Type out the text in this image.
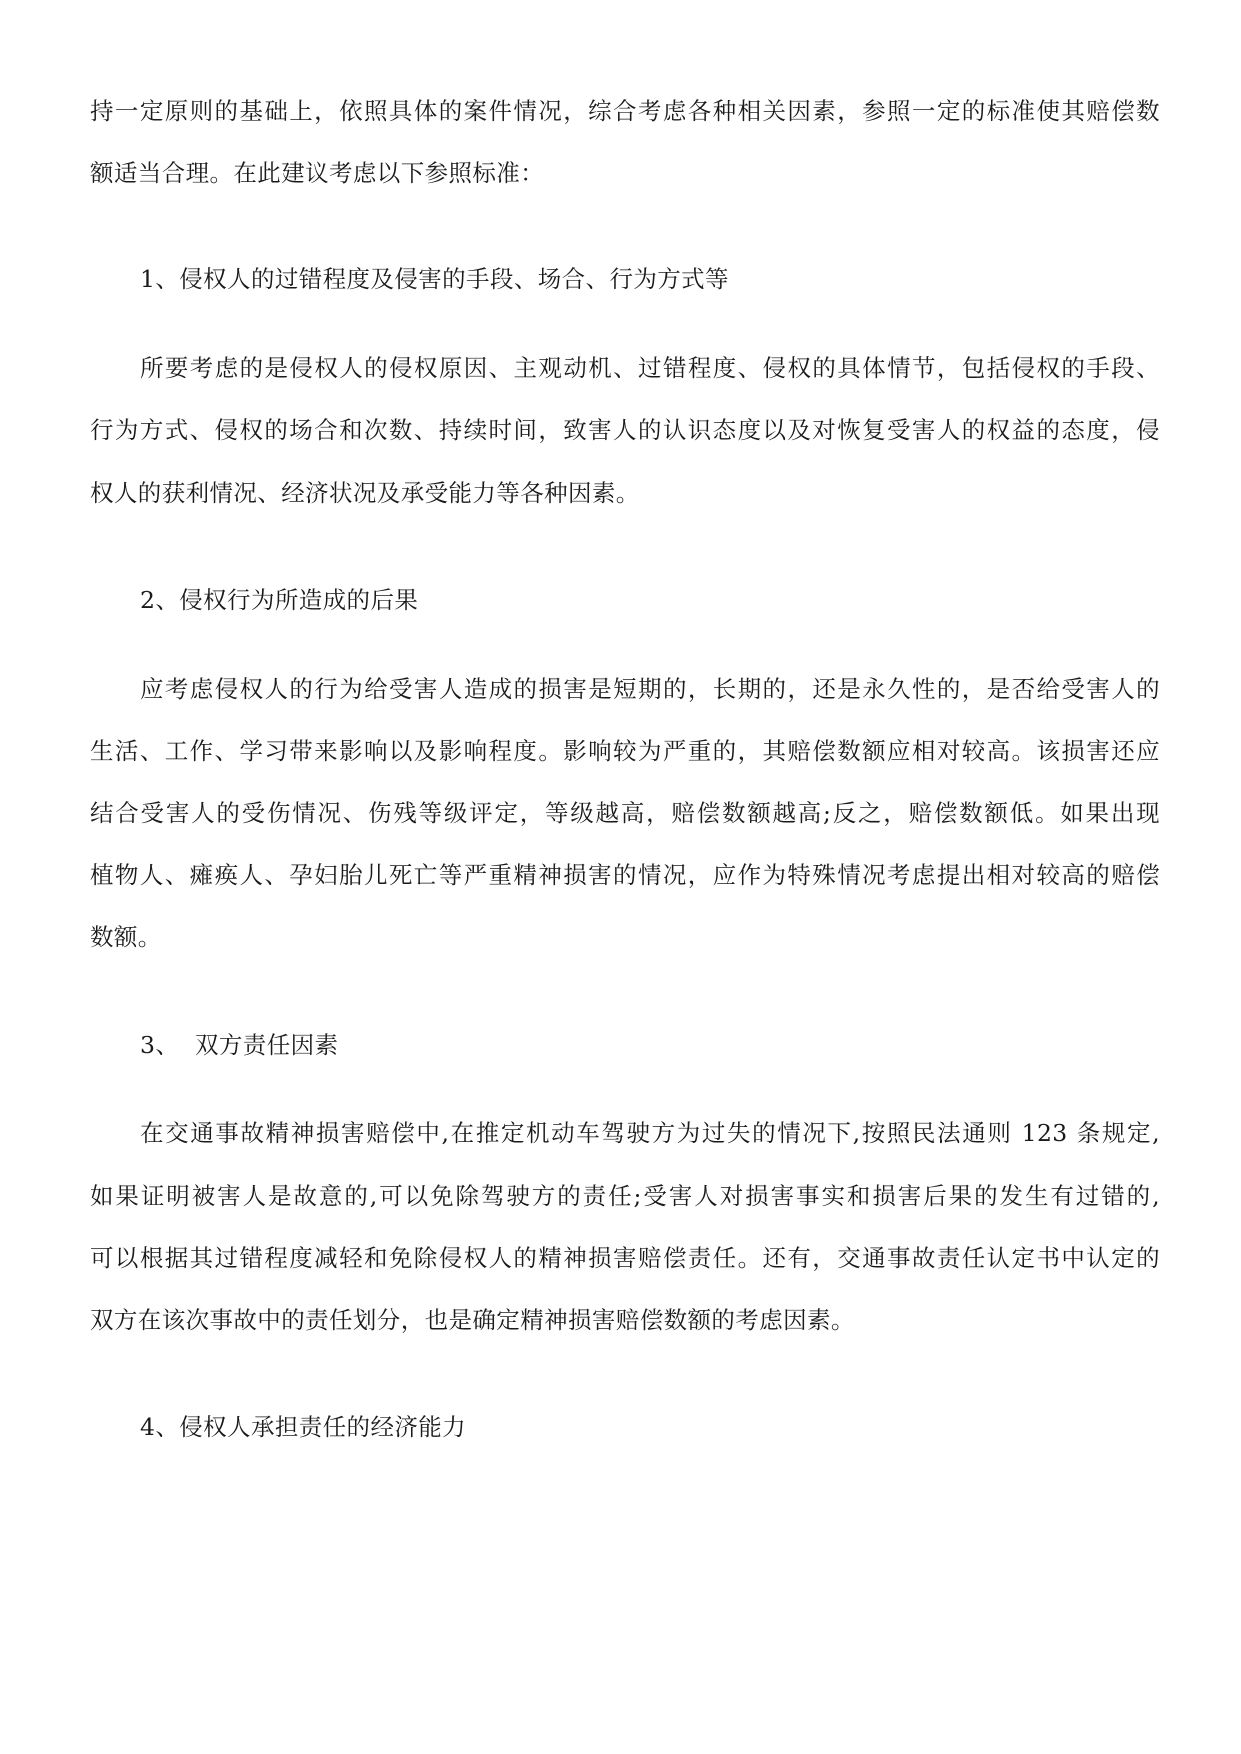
持一定原则的基础上，依照具体的案件情况，综合考虑各种相关因素，参照一定的标准使其赔偿数
额适当合理。在此建议考虑以下参照标准：
1、侵权人的过错程度及侵害的手段、场合、行为方式等
所要考虑的是侵权人的侵权原因、主观动机、过错程度、侵权的具体情节，包括侵权的手段、
行为方式、侵权的场合和次数、持续时间，致害人的认识态度以及对恢复受害人的权益的态度，侵
权人的获利情况、经济状况及承受能力等各种因素。
2、侵权行为所造成的后果
应考虑侵权人的行为给受害人造成的损害是短期的，长期的，还是永久性的，是否给受害人的
生活、工作、学习带来影响以及影响程度。影响较为严重的，其赔偿数额应相对较高。该损害还应
结合受害人的受伤情况、伤残等级评定，等级越高，赔偿数额越高;反之，赔偿数额低。如果出现
植物人、瘫痪人、孕妇胎儿死亡等严重精神损害的情况，应作为特殊情况考虑提出相对较高的赔偿
数额。
3、  双方责任因素
在交通事故精神损害赔偿中,在推定机动车驾驶方为过失的情况下,按照民法通则 123 条规定,
如果证明被害人是故意的,可以免除驾驶方的责任;受害人对损害事实和损害后果的发生有过错的,
可以根据其过错程度减轻和免除侵权人的精神损害赔偿责任。还有，交通事故责任认定书中认定的
双方在该次事故中的责任划分，也是确定精神损害赔偿数额的考虑因素。
4、侵权人承担责任的经济能力
